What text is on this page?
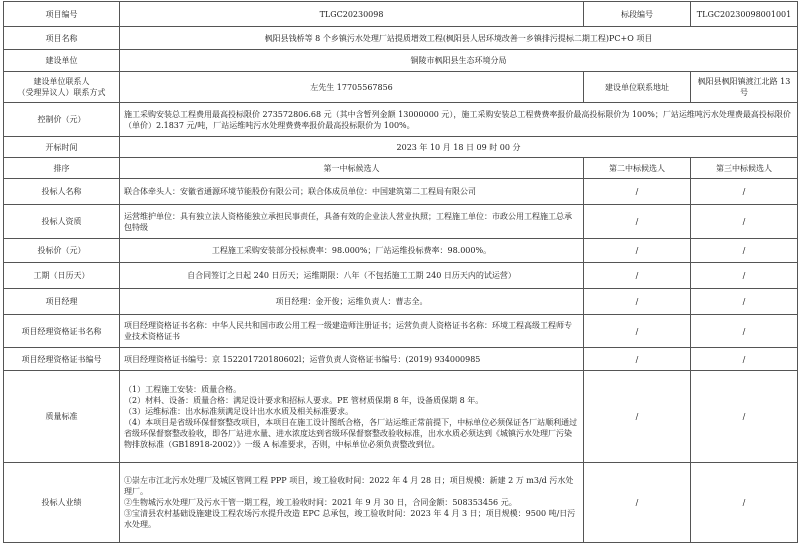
项目编号	TLGC20230098	标段编号	TLGC20230098001001
项目名称	枫阳县钱桥等 8 个乡镇污水处理厂站提质增效工程(枫阳县人居环境改善一乡镇排污提标二期工程)PC+O 项目		
建设单位	铜陵市枫阳县生态环境分局		

建设单位联系人
（受理异议人）联系方式	左先生 17705567856	建设单位联系地址	枫阳县枫阳镇渡江北路 13 号
控制价（元）	施工采购安装总工程费用最高投标限价 273572806.68 元（其中含暂列金额 13000000 元），施工采购安装总工程费费率报价最高投标限价为 100%；厂站运维吨污水处理费最高投标限价（单价）2.1837 元/吨，厂站运维吨污水处理费费率报价最高投标限价为 100%。		
开标时间	2023 年 10 月 18 日 09 时 00 分		
排序	第一中标候选人	第二中标候选人	第三中标候选人
投标人名称	联合体牵头人：安徽省通源环境节能股份有限公司；联合体成员单位：中国建筑第二工程局有限公司	/	/
投标人资质	运营维护单位：具有独立法人资格能独立承担民事责任，具备有效的企业法人营业执照；工程施工单位：市政公用工程施工总承包特级	/	/
投标价（元）	工程施工采购安装部分投标费率：98.000%；厂站运维投标费率：98.000%。	/	/
工期（日历天）	自合同签订之日起 240 日历天；运维期限：八年（不包括施工工期 240 日历天内的试运营）	/	/
项目经理	项目经理：金开俊；运维负责人：曹志全。	/	/
项目经理资格证书名称	项目经理资格证书名称：中华人民共和国市政公用工程一级建造师注册证书；运营负责人资格证书名称：环境工程高级工程师专业技术资格证书	/	/
项目经理资格证书编号	项目经理资格证书编号：京 152201720180602l；运营负责人资格证书编号：(2019) 934000985	/	/
质量标准	（1）工程施工安装：质量合格。
（2）材料、设备：质量合格：满足设计要求和招标人要求。PE 管材质保期 8 年，设备质保期 8 年。
（3）运维标准：出水标准须满足设计出水水质及相关标准要求。
（4）本项目是省级环保督察整改项目，本项目在施工设计图纸合格，各厂站运维正常前提下，中标单位必须保证各厂站顺利通过省级环保督察整改验收，即各厂站进水量、进水浓度达到省级环保督察整改验收标准，出水水质必须达到《城镇污水处理厂污染物排放标准（GB18918-2002）》一级 A 标准要求，否则，中标单位必须负责整改到位。	/	/
投标人业绩	①崇左市江北污水处理厂及城区管网工程 PPP 项目，竣工验收时间：2022 年 4 月 28 日；项目规模：新建 2 万 m3/d 污水处理厂。
②生物城污水处理厂及污水干管一期工程，竣工验收时间：2021 年 9 月 30 日，合同金额：508353456 元。
③宝清县农村基础设施建设工程农场污水提升改造 EPC 总承包，竣工验收时间：2023 年 4 月 3 日；项目规模：9500 吨/日污水处理。	/	/
